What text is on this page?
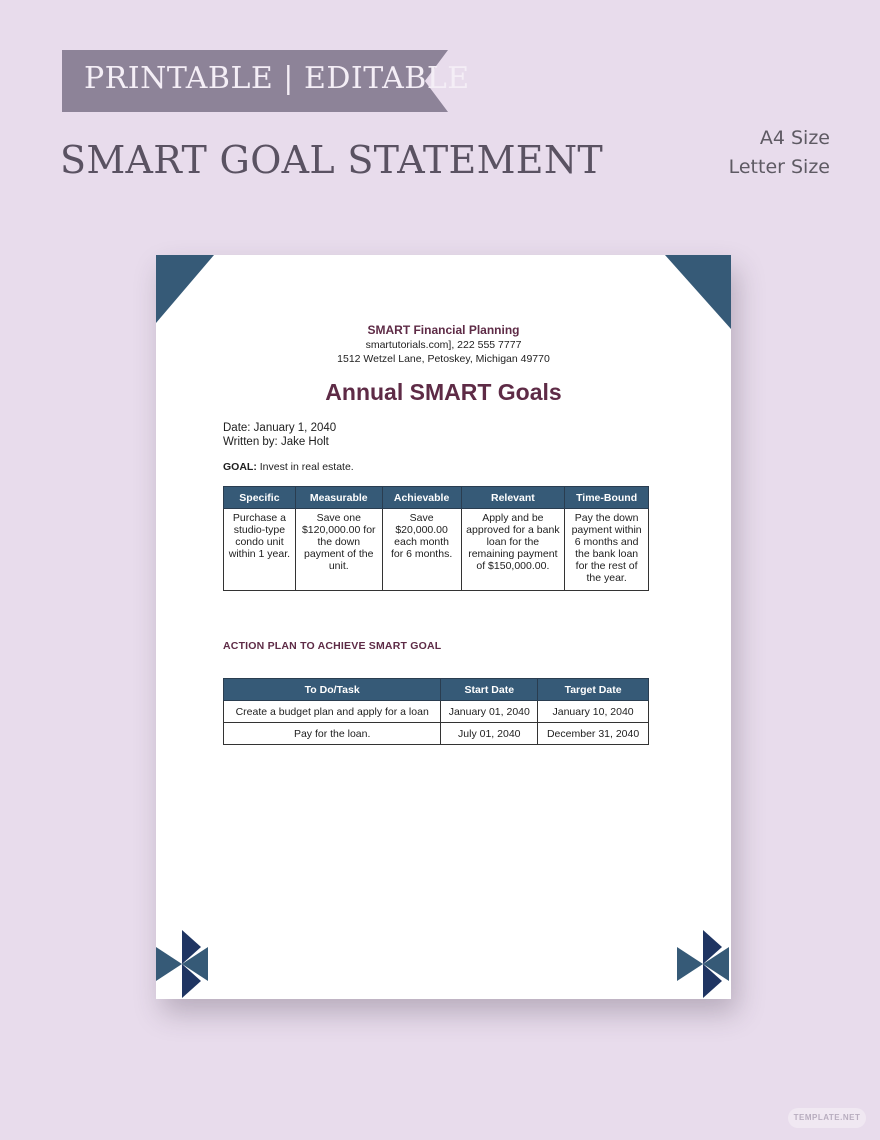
PRINTABLE | EDITABLE
SMART GOAL STATEMENT	A4 Size
Letter Size
SMART Financial Planning
smartutorials.com], 222 555 7777
1512 Wetzel Lane, Petoskey, Michigan 49770
Annual SMART Goals
Date: January 1, 2040
Written by: Jake Holt
GOAL: Invest in real estate.
Specific	Measurable	Achievable	Relevant	Time-Bound
Purchase a studio-type condo unit within 1 year.	Save one $120,000.00 for the down payment of the unit.	Save $20,000.00 each month for 6 months.	Apply and be approved for a bank loan for the remaining payment of $150,000.00.	Pay the down payment within 6 months and the bank loan for the rest of the year.
ACTION PLAN TO ACHIEVE SMART GOAL
To Do/Task	Start Date	Target Date
Create a budget plan and apply for a loan	January 01, 2040	January 10, 2040
Pay for the loan.	July 01, 2040	December 31, 2040
TEMPLATE.NET
